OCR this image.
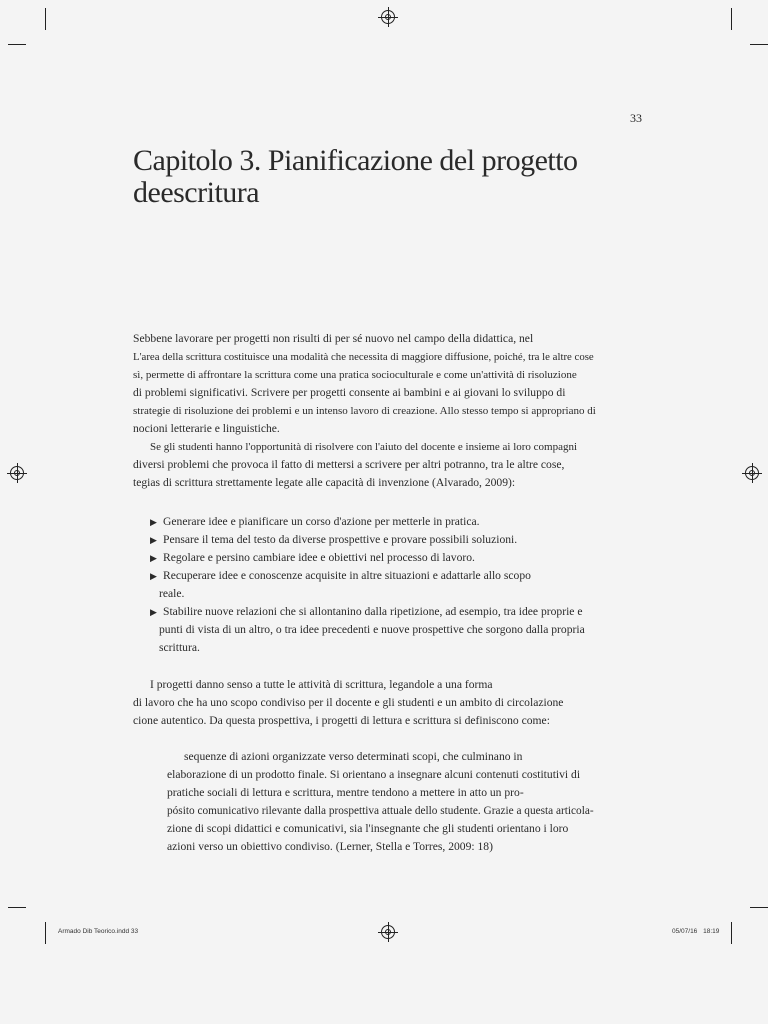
33
Capitolo 3. Pianificazione del progetto
deescritura
Sebbene lavorare per progetti non risulti di per sé nuovo nel campo della didattica, nel
L'area della scrittura costituisce una modalità che necessita di maggiore diffusione, poiché, tra le altre cose
sì, permette di affrontare la scrittura come una pratica socioculturale e come un'attività di risoluzione
di problemi significativi. Scrivere per progetti consente ai bambini e ai giovani lo sviluppo di
strategie di risoluzione dei problemi e un intenso lavoro di creazione. Allo stesso tempo si appropriano di
nocioni letterarie e linguistiche.
Se gli studenti hanno l'opportunità di risolvere con l'aiuto del docente e insieme ai loro compagni
diversi problemi che provoca il fatto di mettersi a scrivere per altri potranno, tra le altre cose,
tegias di scrittura strettamente legate alle capacità di invenzione (Alvarado, 2009):
▶ Generare idee e pianificare un corso d'azione per metterle in pratica.
▶ Pensare il tema del testo da diverse prospettive e provare possibili soluzioni.
▶ Regolare e persino cambiare idee e obiettivi nel processo di lavoro.
▶ Recuperare idee e conoscenze acquisite in altre situazioni e adattarle allo scopo
reale.
▶ Stabilire nuove relazioni che si allontanino dalla ripetizione, ad esempio, tra idee proprie e
punti di vista di un altro, o tra idee precedenti e nuove prospettive che sorgono dalla propria
scrittura.
I progetti danno senso a tutte le attività di scrittura, legandole a una forma
di lavoro che ha uno scopo condiviso per il docente e gli studenti e un ambito di circolazione
cione autentico. Da questa prospettiva, i progetti di lettura e scrittura si definiscono come:
sequenze di azioni organizzate verso determinati scopi, che culminano in
elaborazione di un prodotto finale. Si orientano a insegnare alcuni contenuti costitutivi di
pratiche sociali di lettura e scrittura, mentre tendono a mettere in atto un pro-
pósito comunicativo rilevante dalla prospettiva attuale dello studente. Grazie a questa articola-
zione di scopi didattici e comunicativi, sia l'insegnante che gli studenti orientano i loro
azioni verso un obiettivo condiviso. (Lerner, Stella e Torres, 2009: 18)
Armado Dib Teorico.indd 33	05/07/16 18:19
